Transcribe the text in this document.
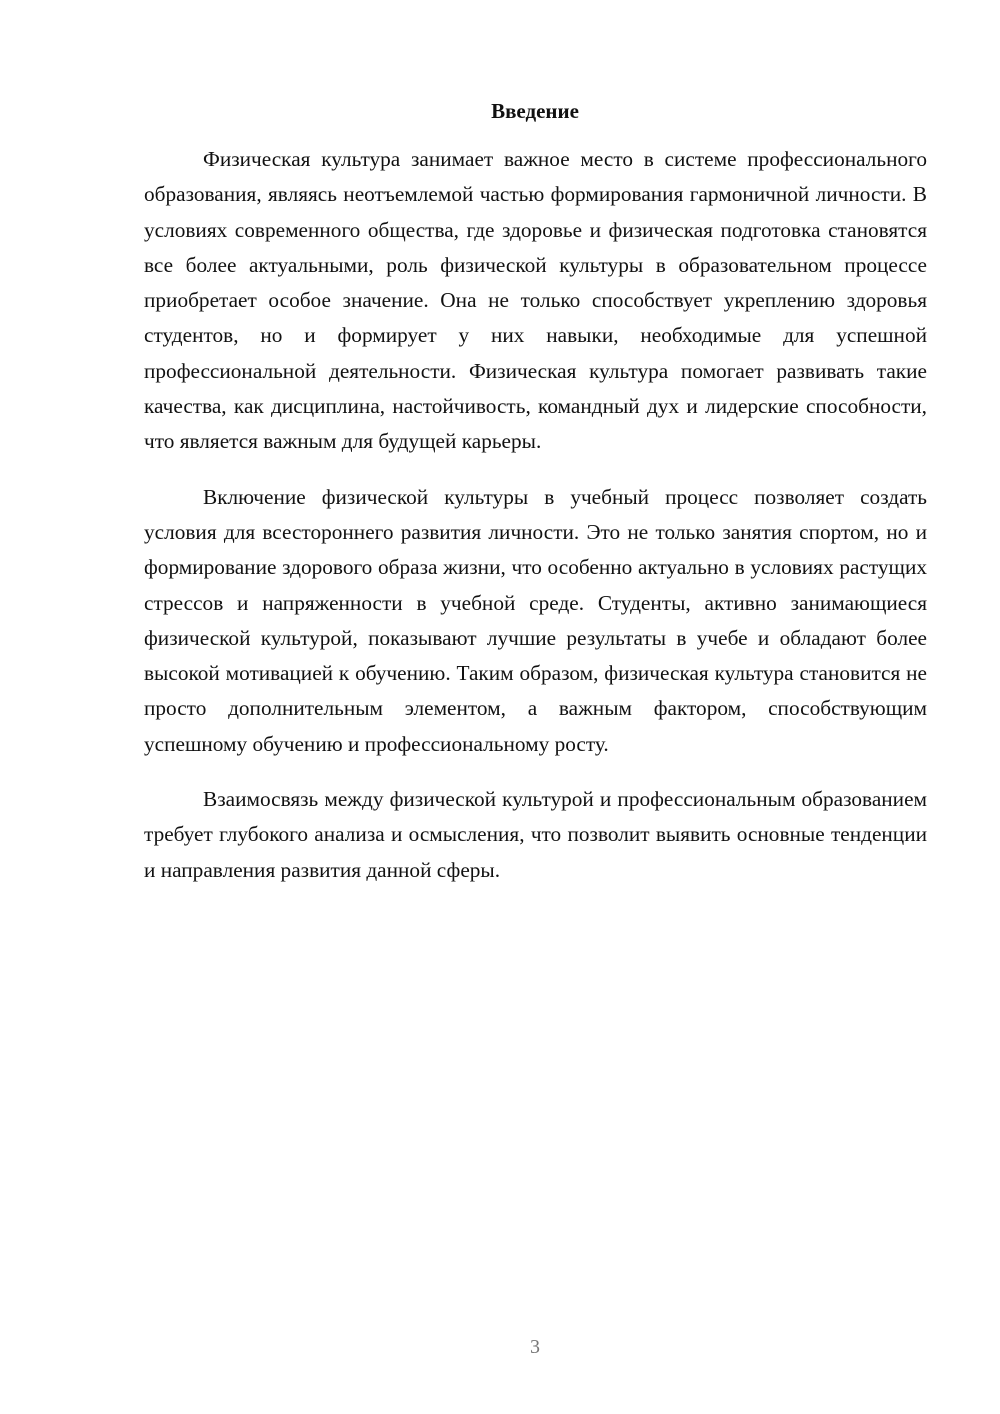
Введение

Физическая культура занимает важное место в системе профессионального образования, являясь неотъемлемой частью формирования гармоничной личности. В условиях современного общества, где здоровье и физическая подготовка становятся все более актуальными, роль физической культуры в образовательном процессе приобретает особое значение. Она не только способствует укреплению здоровья студентов, но и формирует у них навыки, необходимые для успешной профессиональной деятельности. Физическая культура помогает развивать такие качества, как дисциплина, настойчивость, командный дух и лидерские способности, что является важным для будущей карьеры.

Включение физической культуры в учебный процесс позволяет создать условия для всестороннего развития личности. Это не только занятия спортом, но и формирование здорового образа жизни, что особенно актуально в условиях растущих стрессов и напряженности в учебной среде. Студенты, активно занимающиеся физической культурой, показывают лучшие результаты в учебе и обладают более высокой мотивацией к обучению. Таким образом, физическая культура становится не просто дополнительным элементом, а важным фактором, способствующим успешному обучению и профессиональному росту.

Взаимосвязь между физической культурой и профессиональным образованием требует глубокого анализа и осмысления, что позволит выявить основные тенденции и направления развития данной сферы.

3
